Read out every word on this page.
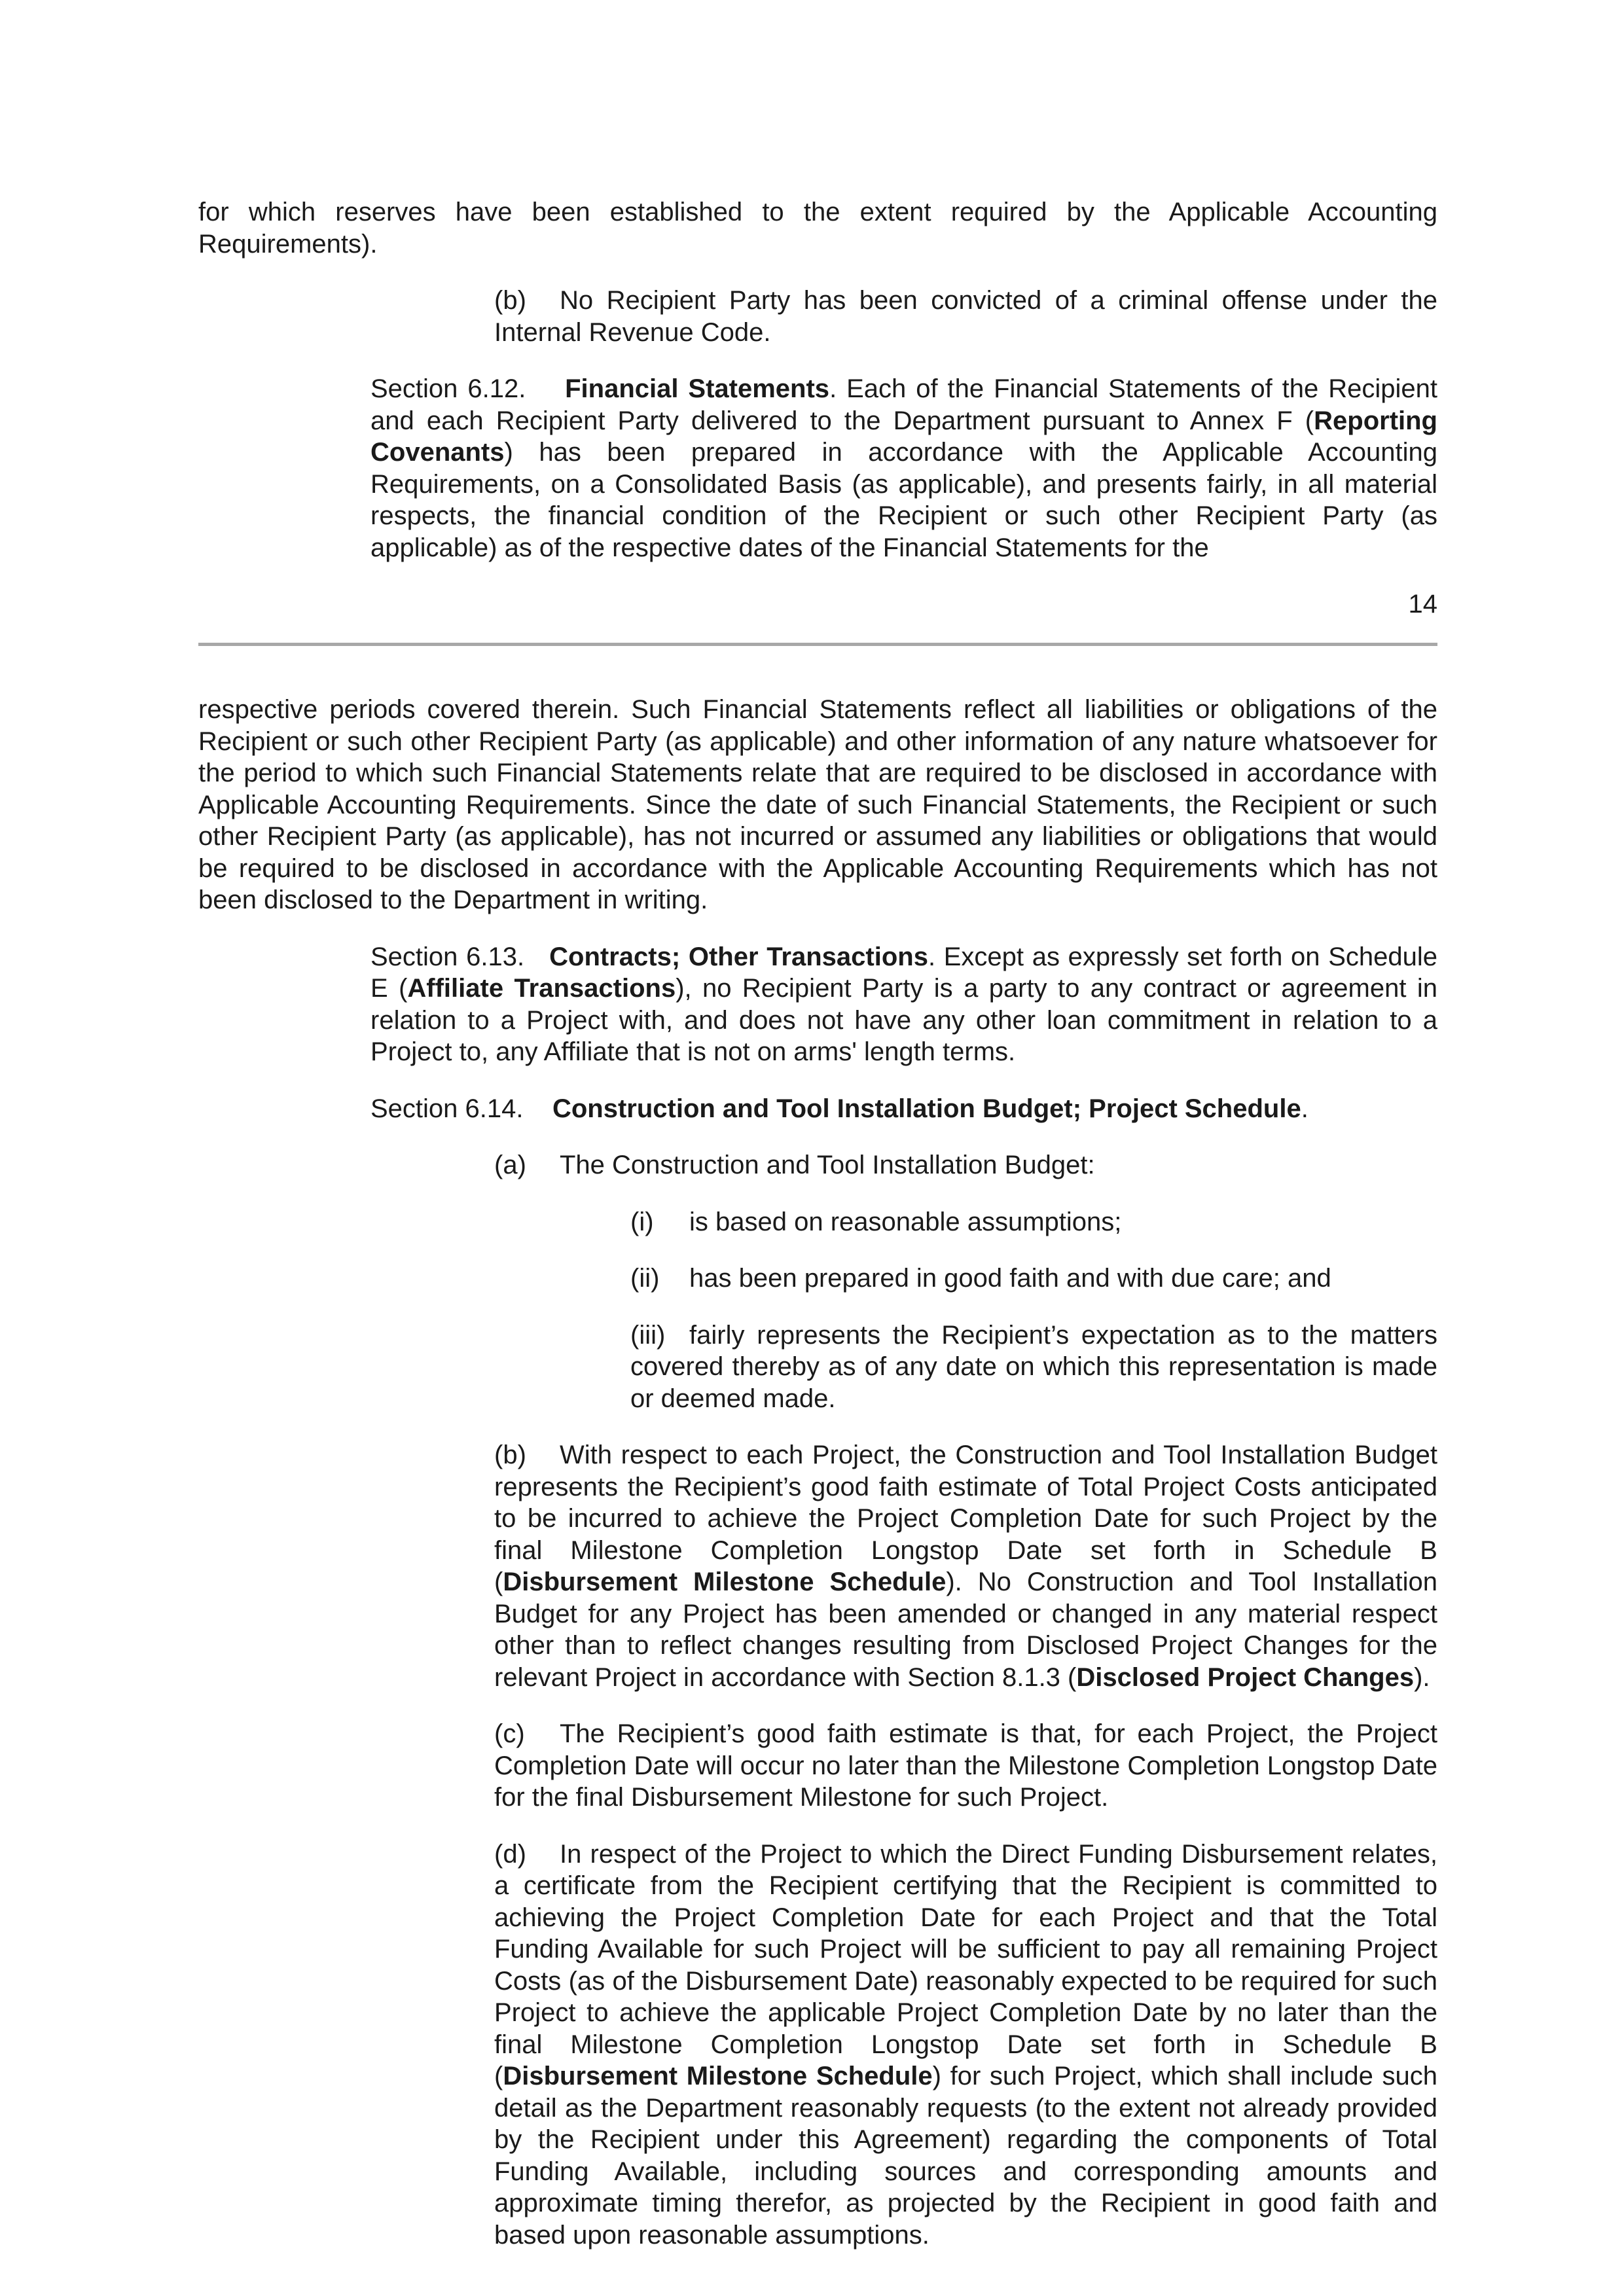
for which reserves have been established to the extent required by the Applicable Accounting Requirements).

(b) No Recipient Party has been convicted of a criminal offense under the Internal Revenue Code.

Section 6.12. Financial Statements. Each of the Financial Statements of the Recipient and each Recipient Party delivered to the Department pursuant to Annex F (Reporting Covenants) has been prepared in accordance with the Applicable Accounting Requirements, on a Consolidated Basis (as applicable), and presents fairly, in all material respects, the financial condition of the Recipient or such other Recipient Party (as applicable) as of the respective dates of the Financial Statements for the

14

respective periods covered therein. Such Financial Statements reflect all liabilities or obligations of the Recipient or such other Recipient Party (as applicable) and other information of any nature whatsoever for the period to which such Financial Statements relate that are required to be disclosed in accordance with Applicable Accounting Requirements. Since the date of such Financial Statements, the Recipient or such other Recipient Party (as applicable), has not incurred or assumed any liabilities or obligations that would be required to be disclosed in accordance with the Applicable Accounting Requirements which has not been disclosed to the Department in writing.

Section 6.13. Contracts; Other Transactions. Except as expressly set forth on Schedule E (Affiliate Transactions), no Recipient Party is a party to any contract or agreement in relation to a Project with, and does not have any other loan commitment in relation to a Project to, any Affiliate that is not on arms' length terms.

Section 6.14. Construction and Tool Installation Budget; Project Schedule.

(a) The Construction and Tool Installation Budget:

(i) is based on reasonable assumptions;

(ii) has been prepared in good faith and with due care; and

(iii) fairly represents the Recipient’s expectation as to the matters covered thereby as of any date on which this representation is made or deemed made.

(b) With respect to each Project, the Construction and Tool Installation Budget represents the Recipient’s good faith estimate of Total Project Costs anticipated to be incurred to achieve the Project Completion Date for such Project by the final Milestone Completion Longstop Date set forth in Schedule B (Disbursement Milestone Schedule). No Construction and Tool Installation Budget for any Project has been amended or changed in any material respect other than to reflect changes resulting from Disclosed Project Changes for the relevant Project in accordance with Section 8.1.3 (Disclosed Project Changes).

(c) The Recipient’s good faith estimate is that, for each Project, the Project Completion Date will occur no later than the Milestone Completion Longstop Date for the final Disbursement Milestone for such Project.

(d) In respect of the Project to which the Direct Funding Disbursement relates, a certificate from the Recipient certifying that the Recipient is committed to achieving the Project Completion Date for each Project and that the Total Funding Available for such Project will be sufficient to pay all remaining Project Costs (as of the Disbursement Date) reasonably expected to be required for such Project to achieve the applicable Project Completion Date by no later than the final Milestone Completion Longstop Date set forth in Schedule B (Disbursement Milestone Schedule) for such Project, which shall include such detail as the Department reasonably requests (to the extent not already provided by the Recipient under this Agreement) regarding the components of Total Funding Available, including sources and corresponding amounts and approximate timing therefor, as projected by the Recipient in good faith and based upon reasonable assumptions.
